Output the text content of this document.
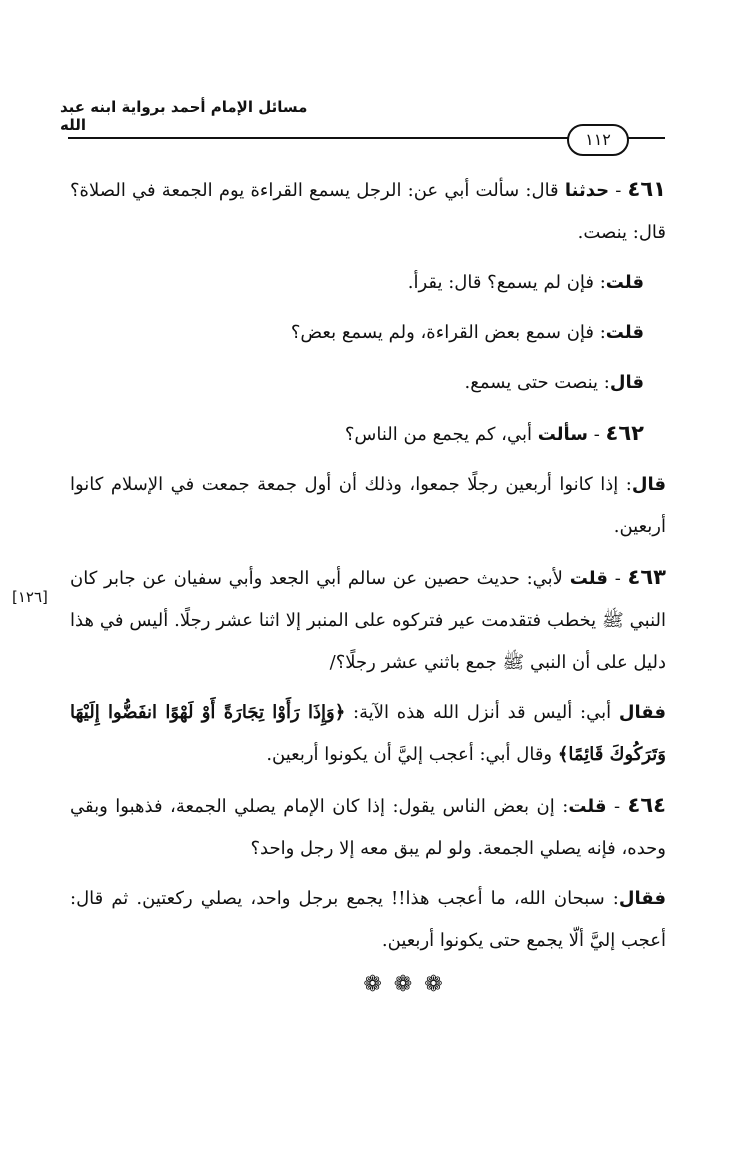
مسائل الإمام أحمد برواية ابنه عبد الله
١١٢
[١٢٦]

٤٦١ - حدثنا قال: سألت أبي عن: الرجل يسمع القراءة يوم الجمعة في الصلاة؟ قال: ينصت.

قلت: فإن لم يسمع؟ قال: يقرأ.

قلت: فإن سمع بعض القراءة، ولم يسمع بعض؟

قال: ينصت حتى يسمع.

٤٦٢ - سألت أبي، كم يجمع من الناس؟

قال: إذا كانوا أربعين رجلًا جمعوا، وذلك أن أول جمعة جمعت في الإسلام كانوا أربعين.

٤٦٣ - قلت لأبي: حديث حصين عن سالم أبي الجعد وأبي سفيان عن جابر كان النبي ﷺ يخطب فتقدمت عير فتركوه على المنبر إلا اثنا عشر رجلًا. أليس في هذا دليل على أن النبي ﷺ جمع باثني عشر رجلًا؟/

فقال أبي: أليس قد أنزل الله هذه الآية: ﴿وَإِذَا رَأَوْا تِجَارَةً أَوْ لَهْوًا انفَضُّوا إِلَيْهَا وَتَرَكُوكَ قَائِمًا﴾ وقال أبي: أعجب إليَّ أن يكونوا أربعين.

٤٦٤ - قلت: إن بعض الناس يقول: إذا كان الإمام يصلي الجمعة، فذهبوا وبقي وحده، فإنه يصلي الجمعة. ولو لم يبق معه إلا رجل واحد؟

فقال: سبحان الله، ما أعجب هذا!! يجمع برجل واحد، يصلي ركعتين. ثم قال: أعجب إليَّ ألّا يجمع حتى يكونوا أربعين.

❁❁❁
